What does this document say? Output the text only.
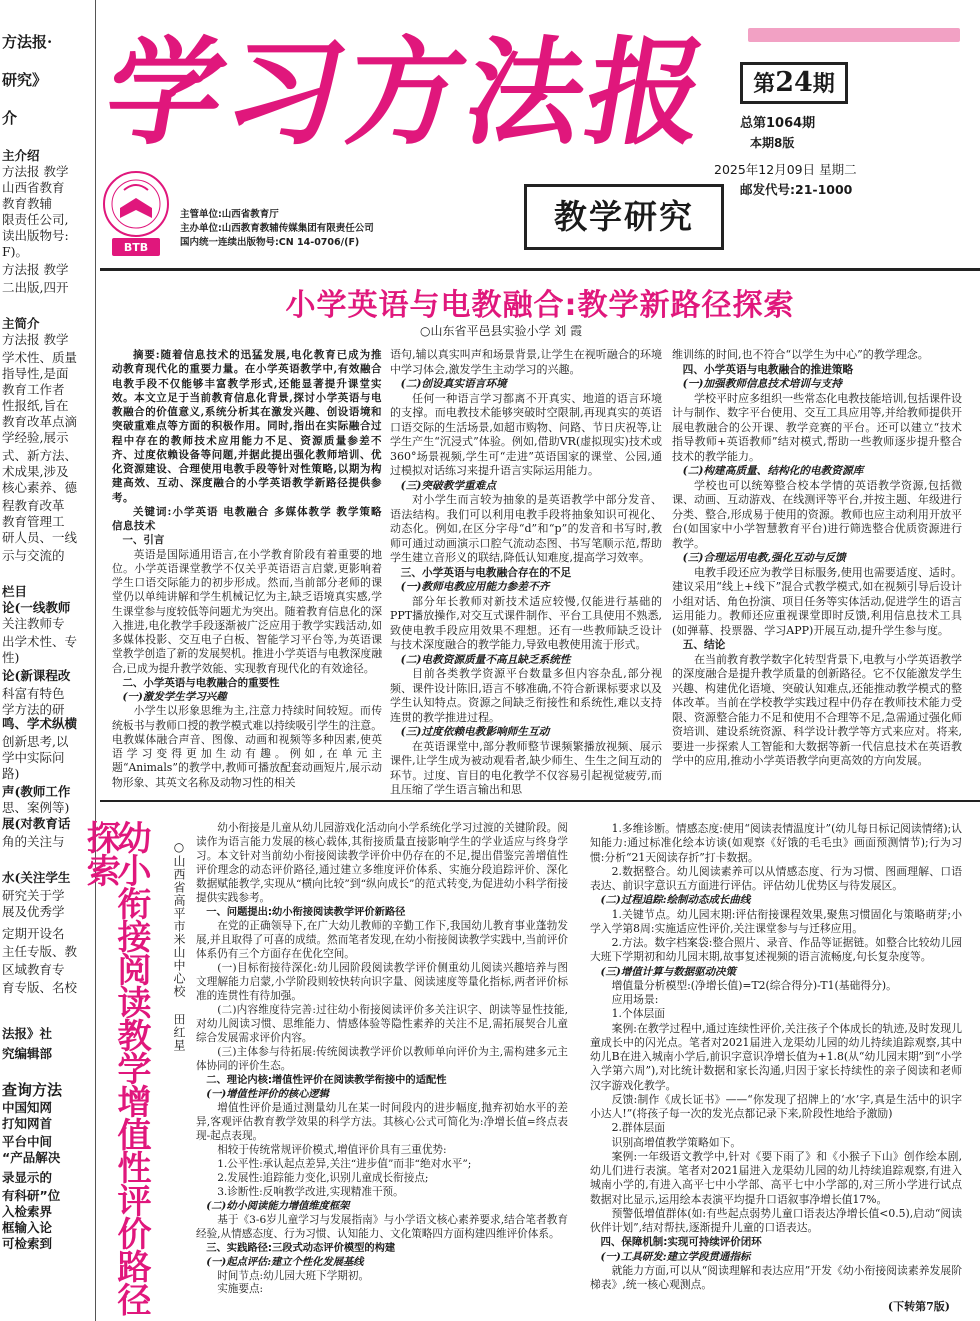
方法报·
研究》
介
主介绍
方法报 教学
山西省教育
教育教辅
限责任公司,
读出版物号:
F)。
方法报 教学
二出版,四开
主简介
方法报 教学
学术性、质量
指导性,是面
教育工作者
性报纸,旨在
教育改革点滴
学经验,展示
式、新方法、
术成果,涉及
核心素养、德
程教育改革
教育管理工
研人员、一线
示与交流的
栏目
论(一线教师
关注教师专
出学术性、专
性)
论(新课程改
科富有特色
学方法的研
鸣、学术纵横
创新思考,以
学中实际问
路)
声(教师工作
思、案例等)
展(对教育话
角的关注与
水(关注学生
研究关于学
展及优秀学
定期开设名
主任专版、教
区域教育专
育专版、名校
法报》社
究编辑部
查询方法
中国知网
打知网首
平台中间
“产品解决
录显示的
有科研”位
入检索界
框输入论
可检索到
学习方法报
BTB
主管单位:山西省教育厅
主办单位:山西教育教辅传媒集团有限责任公司
国内统一连续出版物号:CN 14-0706/(F)
教学研究
第24期
总第1064期
本期8版
2025年12月09日 星期二
邮发代号:21-1000
小学英语与电教融合:教学新路径探索
○山东省平邑县实验小学 刘 霞

摘要:随着信息技术的迅猛发展,电化教育已成为推动教育现代化的重要力量。在小学英语教学中,有效融合电教手段不仅能够丰富教学形式,还能显著提升课堂实效。本文立足于当前教育信息化背景,探讨小学英语与电教融合的价值意义,系统分析其在激发兴趣、创设语境和突破重难点等方面的积极作用。同时,指出在实际融合过程中存在的教师技术应用能力不足、资源质量参差不齐、过度依赖设备等问题,并据此提出强化教师培训、优化资源建设、合理使用电教手段等针对性策略,以期为构建高效、互动、深度融合的小学英语教学新路径提供参考。

关键词:小学英语 电教融合 多媒体教学 教学策略 信息技术

一、引言

英语是国际通用语言,在小学教育阶段有着重要的地位。小学英语课堂教学不仅关乎英语语言启蒙,更影响着学生口语交际能力的初步形成。然而,当前部分老师的课堂仍以单纯讲解和学生机械记忆为主,缺乏语境真实感,学生课堂参与度较低等问题尤为突出。随着教育信息化的深入推进,电化教学手段逐渐被广泛应用于教学实践活动,如多媒体投影、交互电子白板、智能学习平台等,为英语课堂教学创造了新的发展契机。推进小学英语与电教深度融合,已成为提升教学效能、实现教育现代化的有效途径。

二、小学英语与电教融合的重要性

(一)激发学生学习兴趣

小学生以形象思维为主,注意力持续时间较短。而传统板书与教师口授的教学模式难以持续吸引学生的注意。电教媒体融合声音、图像、动画和视频等多种因素,使英语学习变得更加生动有趣。例如,在单元主题“Animals”的教学中,教师可播放配套动画短片,展示动物形象、其英文名称及动物习性的相关

语句,辅以真实叫声和场景背景,让学生在视听融合的环境中学习体会,激发学生主动学习的兴趣。

(二)创设真实语言环境

任何一种语言学习都离不开真实、地道的语言环境的支撑。而电教技术能够突破时空限制,再现真实的英语口语交际的生活场景,如超市购物、问路、节日庆祝等,让学生产生“沉浸式”体验。例如,借助VR(虚拟现实)技术或360°场景视频,学生可“走进”英语国家的课堂、公园,通过模拟对话练习来提升语言实际运用能力。

(三)突破教学重难点

对小学生而言较为抽象的是英语教学中部分发音、语法结构。我们可以利用电教手段将抽象知识可视化、动态化。例如,在区分字母“d”和“p”的发音和书写时,教师可通过动画演示口腔气流动态图、书写笔顺示范,帮助学生建立音形义的联结,降低认知难度,提高学习效率。

三、小学英语与电教融合存在的不足

(一)教师电教应用能力参差不齐

部分年长教师对新技术适应较慢,仅能进行基础的PPT播放操作,对交互式课件制作、平台工具使用不熟悉,致使电教手段应用效果不理想。还有一些教师缺乏设计与技术深度融合的教学能力,导致电教使用流于形式。

(二)电教资源质量不高且缺乏系统性

目前各类教学资源平台数量多但内容杂乱,部分视频、课件设计陈旧,语言不够准确,不符合新课标要求以及学生认知特点。资源之间缺乏衔接性和系统性,难以支持连贯的教学推进过程。

(三)过度依赖电教影响师生互动

在英语课堂中,部分教师整节课频繁播放视频、展示课件,让学生成为被动观看者,缺少师生、生生之间互动的环节。过度、盲目的电化教学不仅容易引起视觉疲劳,而且压缩了学生语言输出和思

维训练的时间,也不符合“以学生为中心”的教学理念。

四、小学英语与电教融合的推进策略

(一)加强教师信息技术培训与支持

学校平时应多组织一些常态化电教技能培训,包括课件设计与制作、数字平台使用、交互工具应用等,并给教师提供开展电教融合的公开课、教学竞赛的平台。还可以建立“技术指导教师+英语教师”结对模式,帮助一些教师逐步提升整合技术的教学能力。

(二)构建高质量、结构化的电教资源库

学校也可以统筹整合校本学情的英语教学资源,包括微课、动画、互动游戏、在线测评等平台,并按主题、年级进行分类、整合,形成易于使用的资源。教师也应主动利用开放平台(如国家中小学智慧教育平台)进行筛选整合优质资源进行教学。

(三)合理运用电教,强化互动与反馈

电教手段还应为教学目标服务,使用也需要适度、适时。建议采用“线上+线下”混合式教学模式,如在视频引导后设计小组对话、角色扮演、项目任务等实体活动,促进学生的语言运用能力。教师还应重视课堂即时反馈,利用信息技术工具(如弹幕、投票器、学习APP)开展互动,提升学生参与度。

五、结论

在当前教育教学数字化转型背景下,电教与小学英语教学的深度融合是提升教学质量的创新路径。它不仅能激发学生兴趣、构建优化语境、突破认知难点,还能推动教学模式的整体改革。当前在学校教学实践过程中仍存在教师技术能力受限、资源整合能力不足和使用不合理等不足,急需通过强化师资培训、建设系统资源、科学设计教学等方式来应对。将来,要进一步探索人工智能和大数据等新一代信息技术在英语教学中的应用,推动小学英语教学向更高效的方向发展。

幼小衔接阅读教学增值性评价路径探索	○山西省高平市米山中心校 田红星

幼小衔接是儿童从幼儿园游戏化活动向小学系统化学习过渡的关键阶段。阅读作为语言能力发展的核心载体,其衔接质量直接影响学生的学业适应与终身学习。本文针对当前幼小衔接阅读教学评价中仍存在的不足,提出借鉴完善增值性评价理念的动态评价路径,通过建立多维度评价体系、实施分段追踪评价、深化数据赋能教学,实现从“横向比较”到“纵向成长”的范式转变,为促进幼小科学衔接提供实践参考。

一、问题提出:幼小衔接阅读教学评价新路径

在党的正确领导下,在广大幼儿教师的辛勤工作下,我国幼儿教育事业蓬勃发展,并且取得了可喜的成绩。然而笔者发现,在幼小衔接阅读教学实践中,当前评价体系仍有三个方面存在优化空间。

(一)目标衔接待深化:幼儿园阶段阅读教学评价侧重幼儿阅读兴趣培养与图文理解能力启蒙,小学阶段则较快转向识字量、阅读速度等量化指标,两者评价标准的连贯性有待加强。

(二)内容维度待完善:过往幼小衔接阅读评价多关注识字、朗读等显性技能,对幼儿阅读习惯、思维能力、情感体验等隐性素养的关注不足,需拓展契合儿童综合发展需求评价内容。

(三)主体参与待拓展:传统阅读教学评价以教师单向评价为主,需构建多元主体协同的评价生态。

二、理论内核:增值性评价在阅读教学衔接中的适配性

(一)增值性评价的核心逻辑

增值性评价是通过测量幼儿在某一时间段内的进步幅度,抛弃初始水平的差异,客观评估教育教学效果的科学方法。其核心公式可简化为:净增长值=终点表现-起点表现。

相较于传统常规评价模式,增值评价具有三重优势:

1.公平性:承认起点差异,关注“进步值”而非“绝对水平”;

2.发展性:追踪能力变化,识别儿童成长衔接点;

3.诊断性:反响教学改进,实现精准干预。

(二)幼小阅读能力增值维度框架

基于《3-6岁儿童学习与发展指南》与小学语文核心素养要求,结合笔者教育经验,从情感态度、行为习惯、认知能力、文化策略四方面构建四维评价体系。

三、实践路径:三段式动态评价模型的构建

(一)起点评估:建立个性化发展基线

时间节点:幼儿园大班下学期初。

实施要点:

1.多维诊断。情感态度:使用“阅读表情温度计”(幼儿每日标记阅读情绪);认知能力:通过标准化绘本访谈(如观察《好饿的毛毛虫》画面预测情节);行为习惯:分析“21天阅读存折”打卡数据。

2.数据整合。幼儿阅读素养可以从情感态度、行为习惯、图画理解、口语表达、前识字意识五方面进行评估。评估幼儿优势区与待发展区。

(二)过程追踪:绘制动态成长曲线

1.关键节点。幼儿园末期:评估衔接课程效果,聚焦习惯固化与策略萌芽;小学入学第8周:实施适应性评价,关注课堂参与与迁移应用。

2.方法。数字档案袋:整合照片、录音、作品等证据链。如整合比较幼儿园大班下学期初和幼儿园末期,故事复述视频的语言流畅度,句长复杂度等。

(三)增值计算与数据驱动决策

增值量分析模型:(净增长值)=T2(综合得分)-T1(基础得分)。

应用场景:

1.个体层面

案例:在教学过程中,通过连续性评价,关注孩子个体成长的轨迹,及时发现儿童成长中的闪光点。笔者对2021届进入龙渠幼儿园的幼儿持续追踪观察,其中幼儿B在进入城南小学后,前识字意识净增长值为+1.8(从“幼儿园末期”到“小学入学第六周”),对比统计数据和家长沟通,归因于家长持续性的亲子阅读和老师汉字游戏化教学。

反馈:制作《成长证书》——“你发现了招牌上的‘水’字,真是生活中的识字小达人!”(将孩子每一次的发光点都记录下来,阶段性地给予激励)

2.群体层面

识别高增值教学策略如下。

案例:一年级语文教学中,针对《要下雨了》和《小猴子下山》创作绘本剧,幼儿们进行表演。笔者对2021届进入龙渠幼儿园的幼儿持续追踪观察,有进入城南小学的,有进入高平七中小学部、高平七中小学部的,对三所小学进行试点数据对比显示,运用绘本表演平均提升口语叙事净增长值17%。

预警低增值群体(如:有些起点弱势儿童口语表达净增长值<0.5),启动“阅读伙伴计划”,结对帮扶,逐渐提升儿童的口语表达。

四、保障机制:实现可持续评价闭环

(一)工具研发:建立学段贯通指标

就能力方面,可以从“阅读理解和表达应用”开发《幼小衔接阅读素养发展阶梯表》,统一核心观测点。

(下转第7版)
